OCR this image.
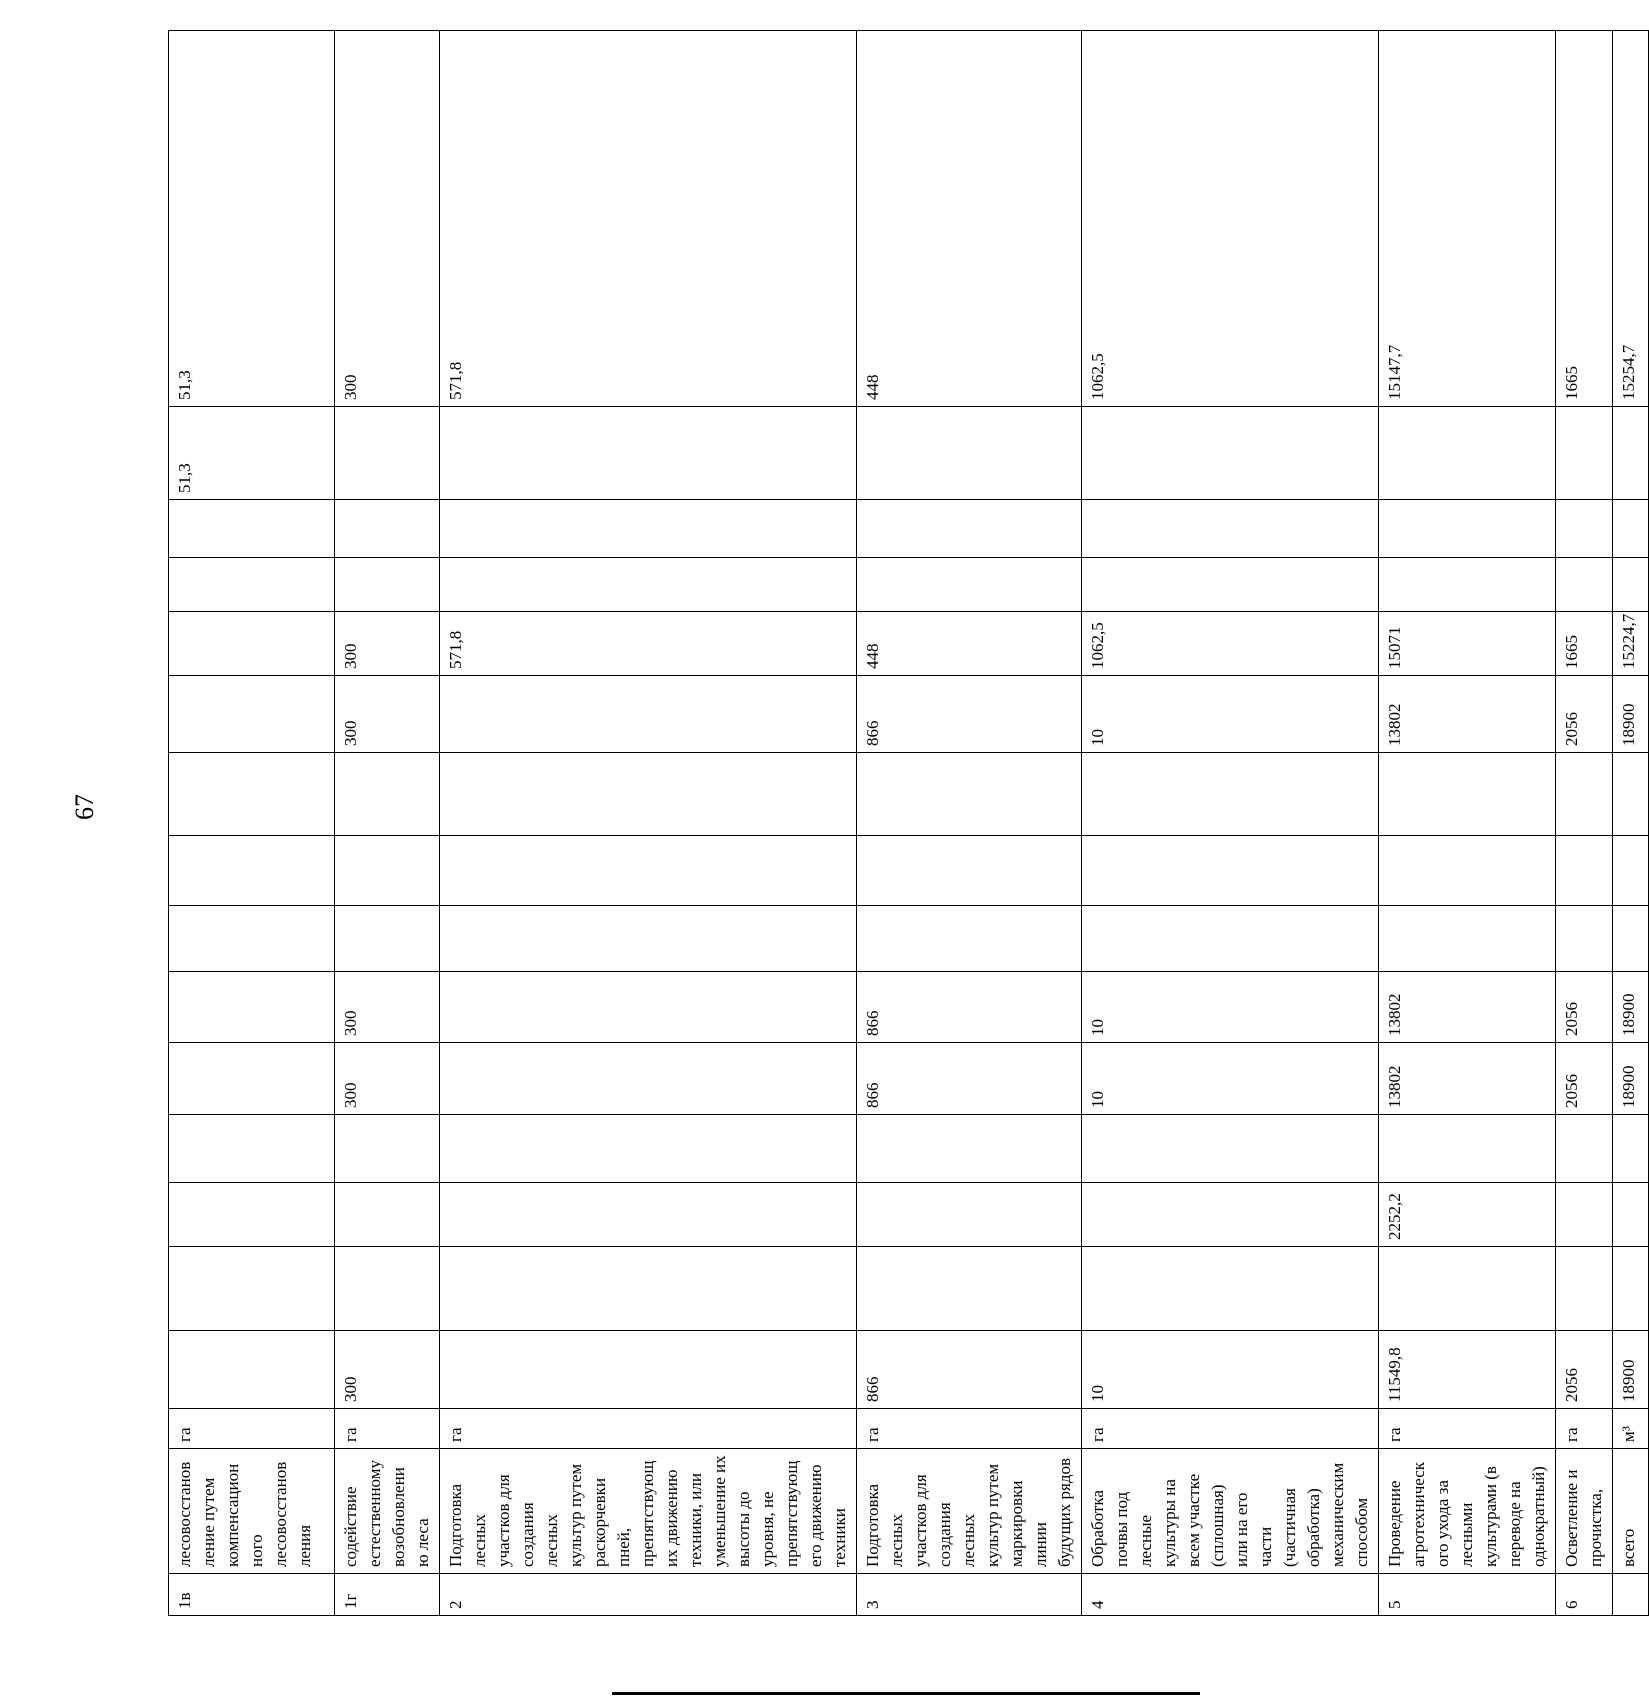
67
1в	лесовосстановление путем компенсационного лесовосстановления	га														51,3	51,3
1г	содействие естественному возобновлению леса	га	300				300	300				300	300				300
2	Подготовка лесных участков для создания лесных культур путем раскорчевки пней, препятствующих движению техники, или уменьшение их высоты до уровня, не препятствующего движению техники	га											571,8				571,8
3	Подготовка лесных участков для создания лесных культур путем маркировки линии будущих рядов	га	866				866	866				866	448				448
4	Обработка почвы под лесные культуры на всем участке (сплошная) или на его части (частичная обработка) механическим способом	га	10				10	10				10	1062,5				1062,5
5	Проведение агротехнического ухода за лесными культурами (в переводе на однократный)	га	11549,8		2252,2		13802	13802				13802	15071				15147,7
6	Осветление и прочистка,	га	2056				2056	2056				2056	1665				1665
	всего	м³	18900				18900	18900				18900	15224,7				15254,7
